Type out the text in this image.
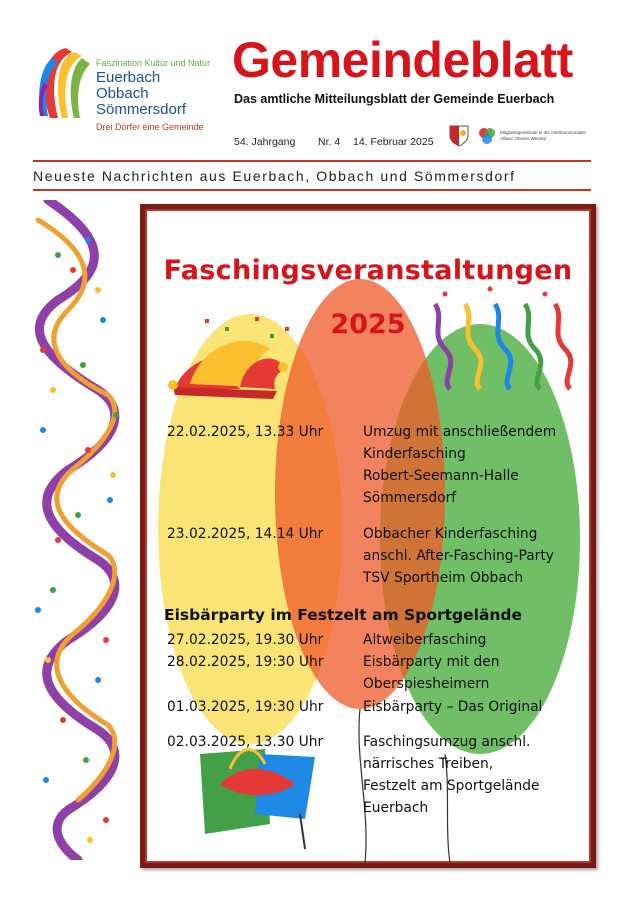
Faszination Kultur und Natur
Euerbach
Obbach
Sömmersdorf
Drei Dörfer eine Gemeinde
Gemeindeblatt
Das amtliche Mitteilungsblatt der Gemeinde Euerbach
54. Jahrgang Nr. 4 14. Februar 2025
Mitgliedsgemeinde in der Interkommunalen Allianz Oberes Werntal
Neueste Nachrichten aus Euerbach, Obbach und Sömmersdorf
Faschingsveranstaltungen
2025
22.02.2025, 13.33 Uhr	Umzug mit anschließendem
Kinderfasching
Robert-Seemann-Halle
Sömmersdorf
23.02.2025, 14.14 Uhr	Obbacher Kinderfasching
anschl. After-Fasching-Party
TSV Sportheim Obbach
Eisbärparty im Festzelt am Sportgelände
27.02.2025, 19.30 Uhr	Altweiberfasching
28.02.2025, 19:30 Uhr	Eisbärparty mit den
Oberspiesheimern
01.03.2025, 19:30 Uhr	Eisbärparty – Das Original
02.03.2025, 13.30 Uhr	Faschingsumzug anschl.
närrisches Treiben,
Festzelt am Sportgelände
Euerbach
